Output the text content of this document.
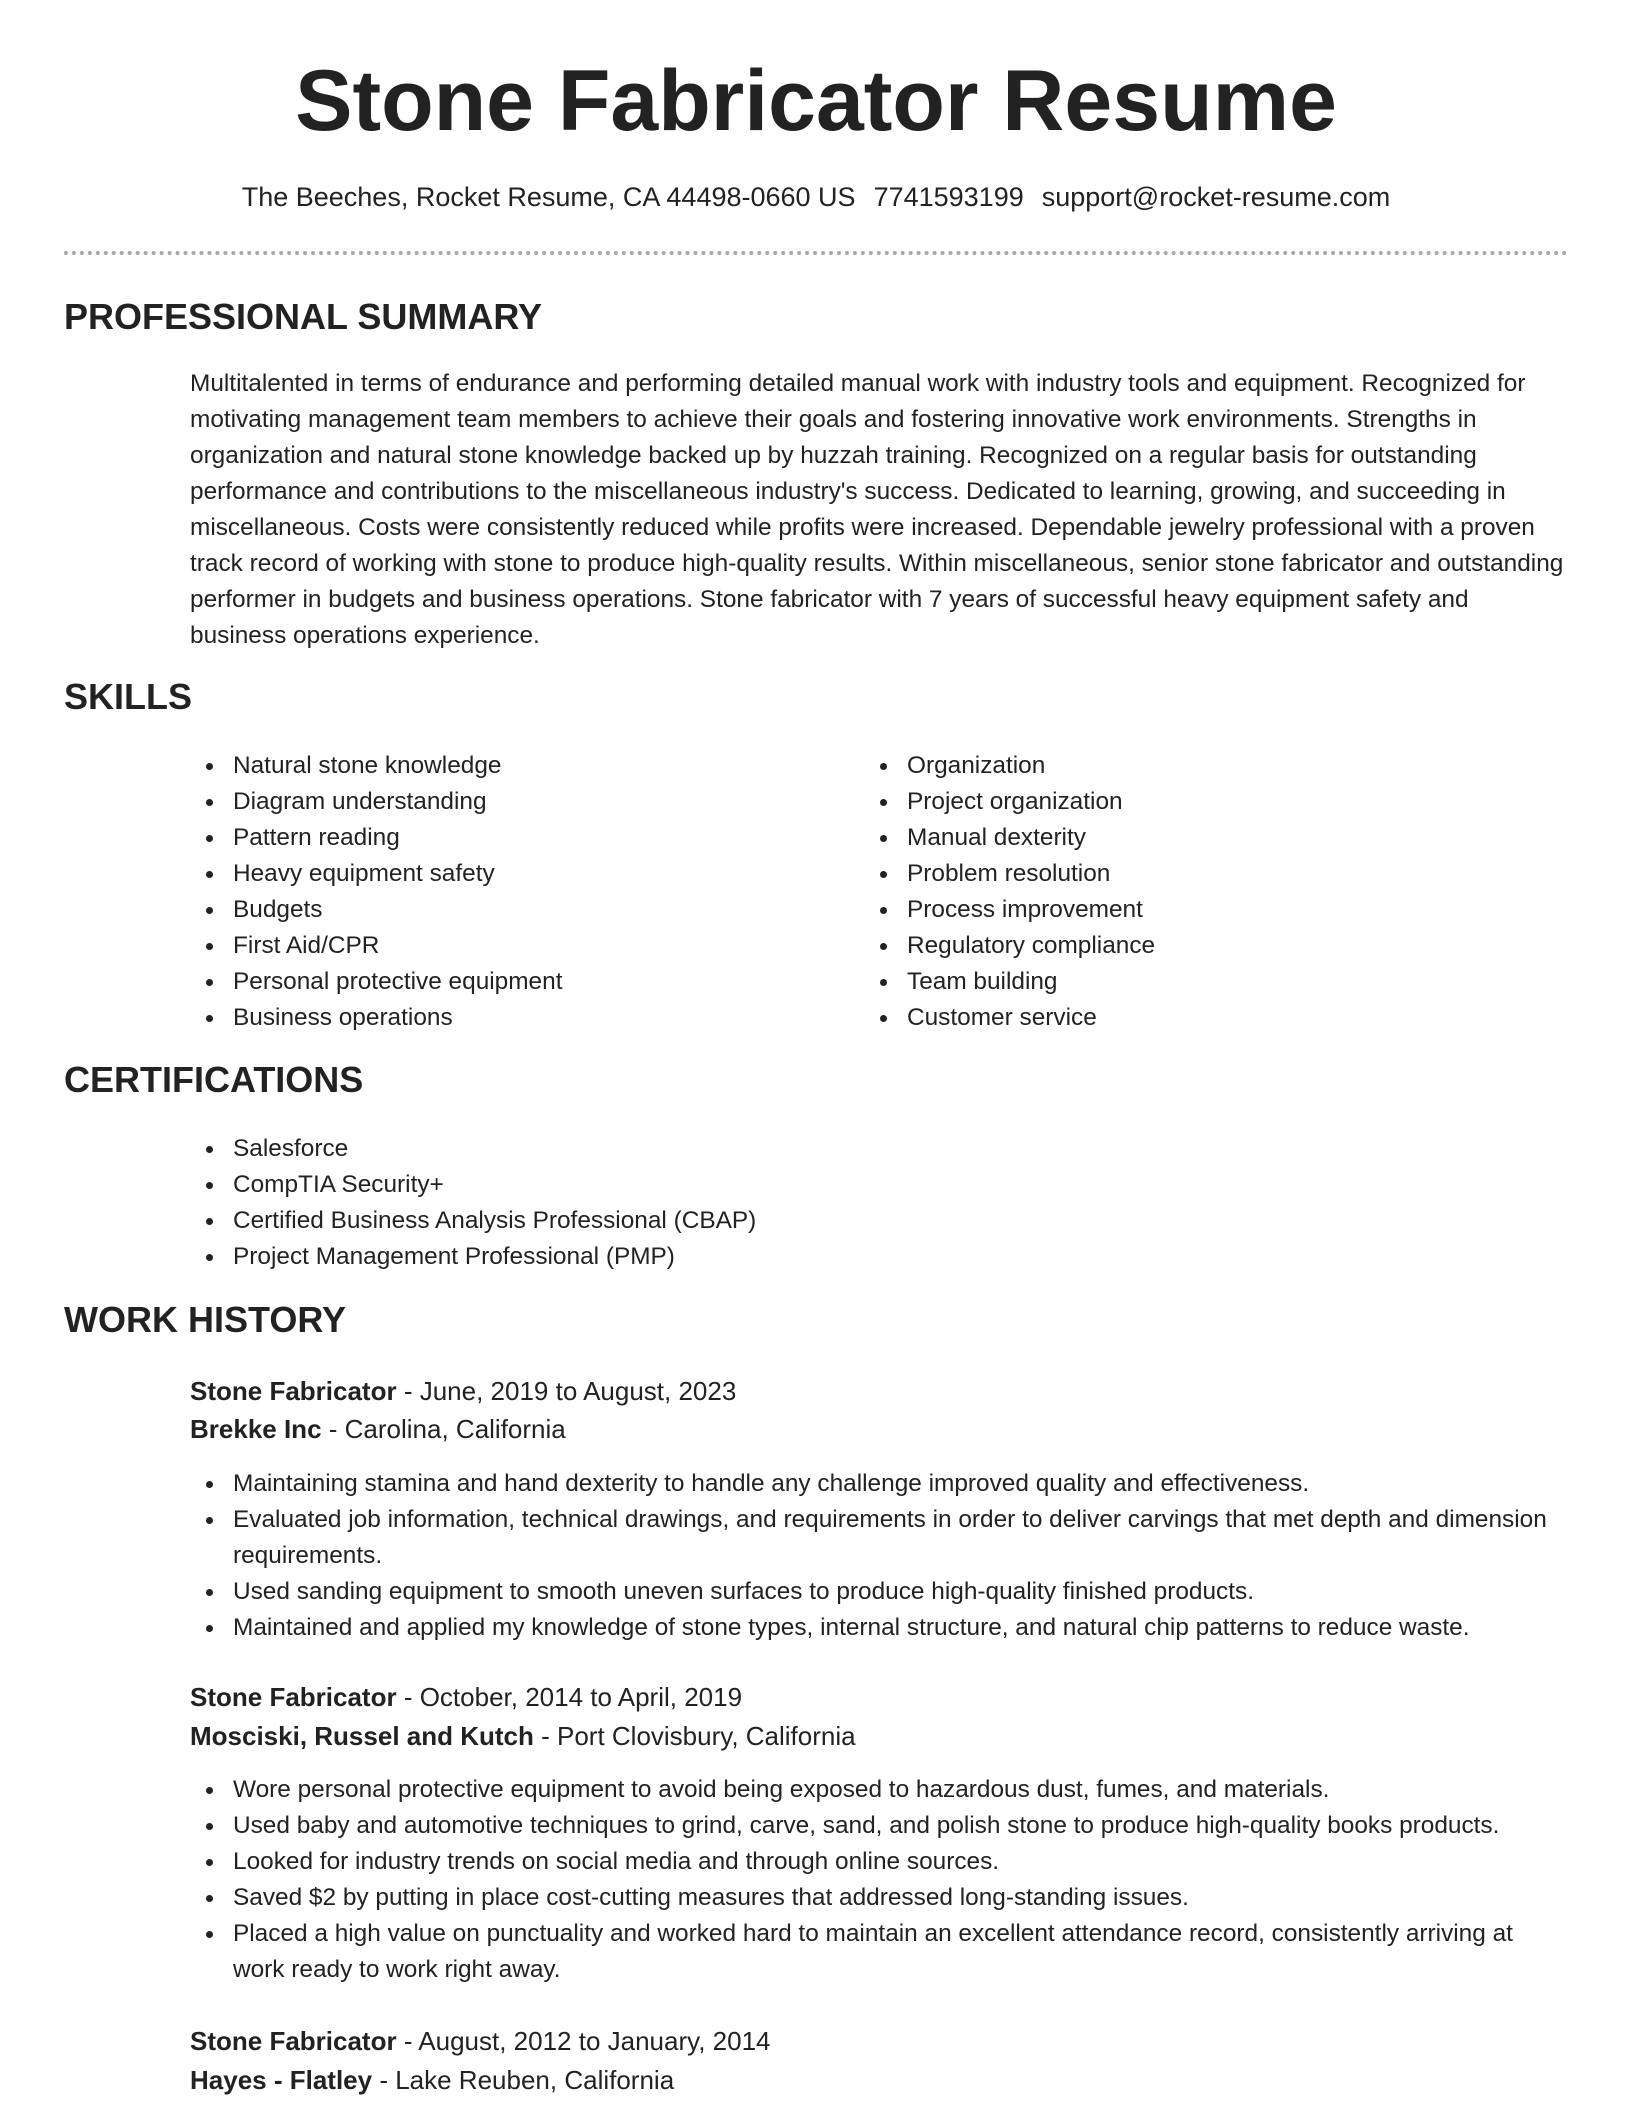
Stone Fabricator Resume
The Beeches, Rocket Resume, CA 44498-0660 US 7741593199 support@rocket-resume.com
PROFESSIONAL SUMMARY
Multitalented in terms of endurance and performing detailed manual work with industry tools and equipment. Recognized for motivating management team members to achieve their goals and fostering innovative work environments. Strengths in organization and natural stone knowledge backed up by huzzah training. Recognized on a regular basis for outstanding performance and contributions to the miscellaneous industry's success. Dedicated to learning, growing, and succeeding in miscellaneous. Costs were consistently reduced while profits were increased. Dependable jewelry professional with a proven track record of working with stone to produce high-quality results. Within miscellaneous, senior stone fabricator and outstanding performer in budgets and business operations. Stone fabricator with 7 years of successful heavy equipment safety and business operations experience.
SKILLS
Natural stone knowledge
Diagram understanding
Pattern reading
Heavy equipment safety
Budgets
First Aid/CPR
Personal protective equipment
Business operations
Organization
Project organization
Manual dexterity
Problem resolution
Process improvement
Regulatory compliance
Team building
Customer service
CERTIFICATIONS
Salesforce
CompTIA Security+
Certified Business Analysis Professional (CBAP)
Project Management Professional (PMP)
WORK HISTORY
Stone Fabricator - June, 2019 to August, 2023
Brekke Inc - Carolina, California
Maintaining stamina and hand dexterity to handle any challenge improved quality and effectiveness.
Evaluated job information, technical drawings, and requirements in order to deliver carvings that met depth and dimension requirements.
Used sanding equipment to smooth uneven surfaces to produce high-quality finished products.
Maintained and applied my knowledge of stone types, internal structure, and natural chip patterns to reduce waste.
Stone Fabricator - October, 2014 to April, 2019
Mosciski, Russel and Kutch - Port Clovisbury, California
Wore personal protective equipment to avoid being exposed to hazardous dust, fumes, and materials.
Used baby and automotive techniques to grind, carve, sand, and polish stone to produce high-quality books products.
Looked for industry trends on social media and through online sources.
Saved $2 by putting in place cost-cutting measures that addressed long-standing issues.
Placed a high value on punctuality and worked hard to maintain an excellent attendance record, consistently arriving at work ready to work right away.
Stone Fabricator - August, 2012 to January, 2014
Hayes - Flatley - Lake Reuben, California
